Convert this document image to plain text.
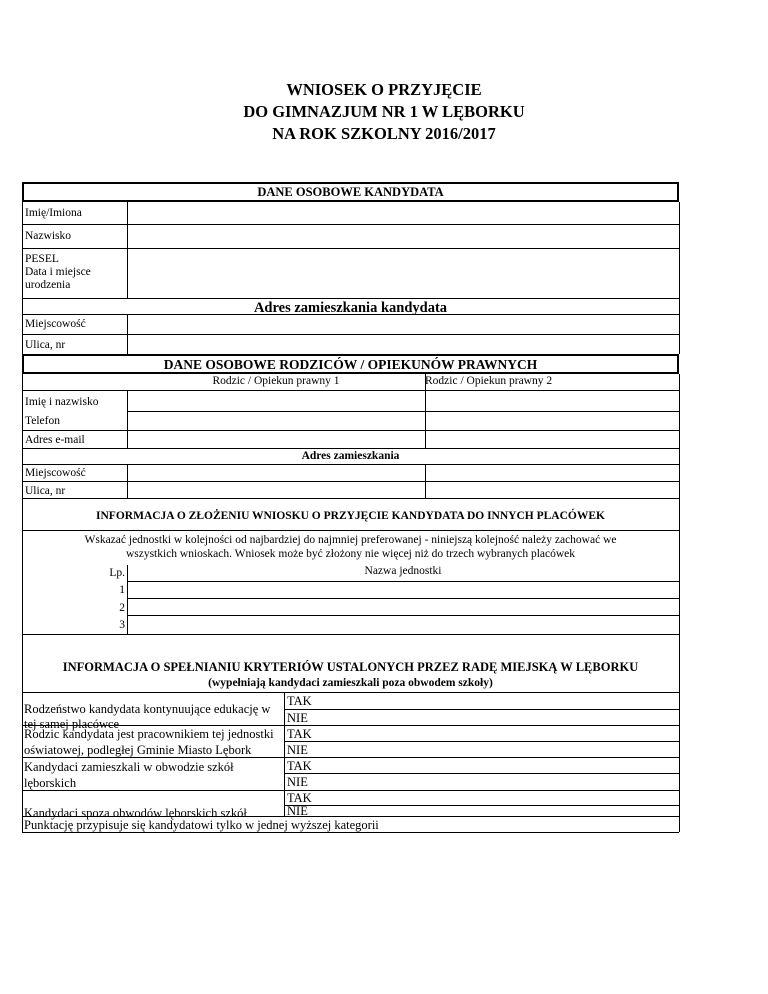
WNIOSEK O PRZYJĘCIE
DO GIMNAZJUM NR 1 W LĘBORKU
NA ROK SZKOLNY 2016/2017
DANE OSOBOWE KANDYDATA
Imię/Imiona
Nazwisko
PESEL
Data i miejsce
urodzenia
Adres zamieszkania kandydata
Miejscowość
Ulica, nr
DANE OSOBOWE RODZICÓW / OPIEKUNÓW PRAWNYCH
Rodzic / Opiekun prawny 1	Rodzic / Opiekun prawny 2
Imię i nazwisko
Telefon
Adres e-mail
Adres zamieszkania
Miejscowość
Ulica, nr
INFORMACJA O ZŁOŻENIU WNIOSKU O PRZYJĘCIE KANDYDATA DO INNYCH PLACÓWEK
Wskazać jednostki w kolejności od najbardziej do najmniej preferowanej - niniejszą kolejność należy zachować we
wszystkich wnioskach. Wniosek może być złożony nie więcej niż do trzech wybranych placówek
Lp.	Nazwa jednostki
1
2
3
INFORMACJA O SPEŁNIANIU KRYTERIÓW USTALONYCH PRZEZ RADĘ MIEJSKĄ W LĘBORKU
(wypełniają kandydaci zamieszkali poza obwodem szkoły)
Rodzeństwo kandydata kontynuujące edukację w
tej samej placówce
TAK
NIE
Rodzic kandydata jest pracownikiem tej jednostki
oświatowej, podległej Gminie Miasto Lębork
TAK
NIE
Kandydaci zamieszkali w obwodzie szkół
lęborskich
TAK
NIE
Kandydaci spoza obwodów lęborskich szkół
TAK
NIE
Punktację przypisuje się kandydatowi tylko w jednej wyższej kategorii
